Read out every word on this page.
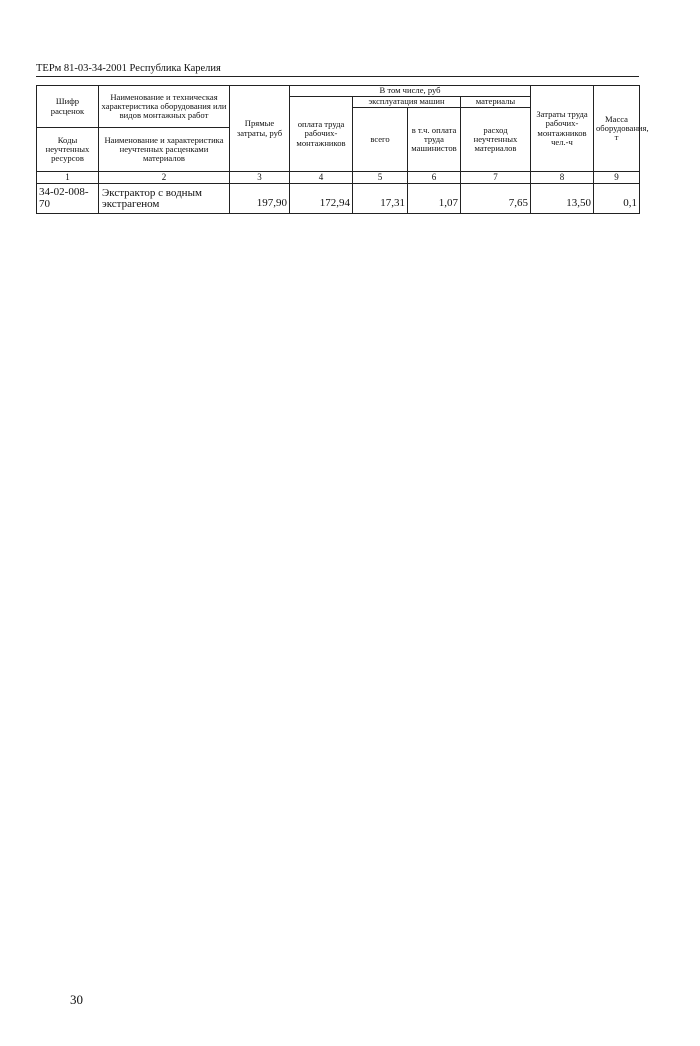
ТЕРм 81-03-34-2001 Республика Карелия
Шифр расценок	Наименование и техническая характеристика оборудования или видов монтажных работ	Прямые затраты, руб	В том числе, руб				Затраты труда рабочих-монтажников чел.-ч	Масса оборудования, т
			оплата труда рабочих-монтажников	эксплуатация машин		материалы		
				всего	в т.ч. оплата труда машинистов	расход неучтенных материалов		
Коды неучтенных ресурсов	Наименование и характеристика неучтенных расценками материалов							

1	2	3	4	5	6	7	8	9
34-02-008-70	Экстрактор с водным экстрагеном	197,90	172,94	17,31	1,07	7,65	13,50	0,1
30
